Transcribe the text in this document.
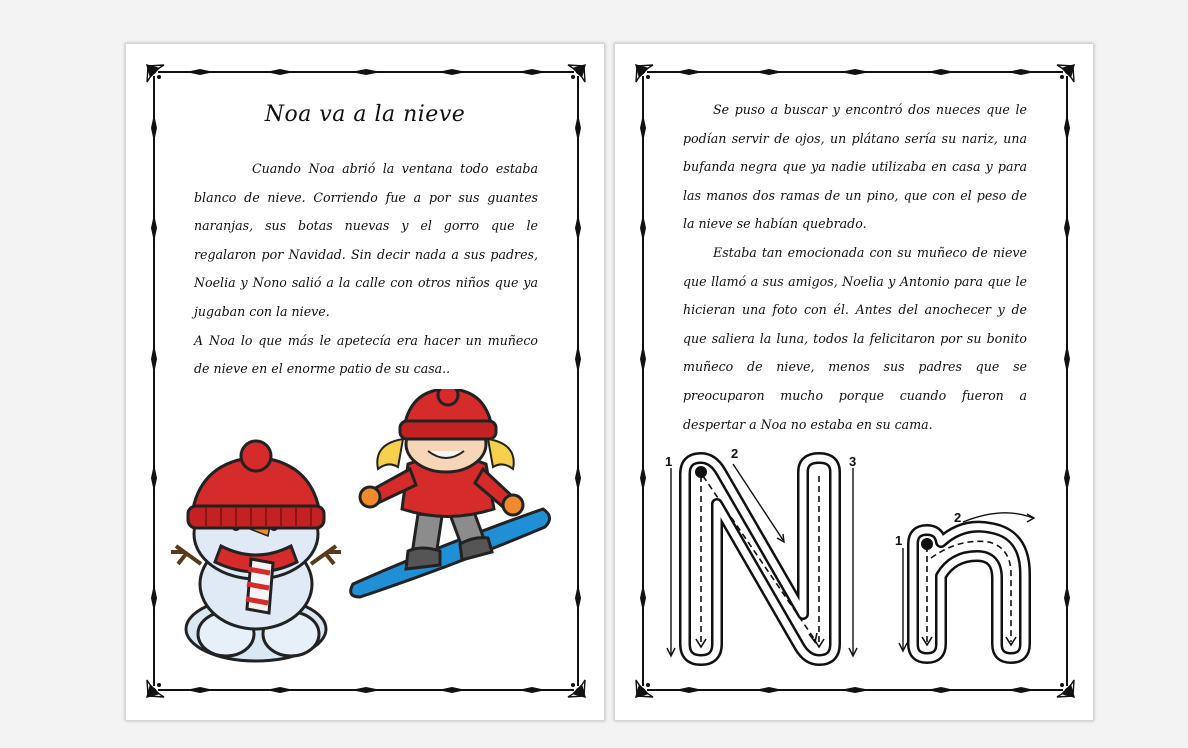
Noa va a la nieve

Cuando Noa abrió la ventana todo estaba blanco de nieve. Corriendo fue a por sus guantes naranjas, sus botas nuevas y el gorro que le regalaron por Navidad. Sin decir nada a sus padres, Noelia y Nono salió a la calle con otros niños que ya jugaban con la nieve.

A Noa lo que más le apetecía era hacer un muñeco de nieve en el enorme patio de su casa..

Se puso a buscar y encontró dos nueces que le podían servir de ojos, un plátano sería su nariz, una bufanda negra que ya nadie utilizaba en casa y para las manos dos ramas de un pino, que con el peso de la nieve se habían quebrado.

Estaba tan emocionada con su muñeco de nieve que llamó a sus amigos, Noelia y Antonio para que le hicieran una foto con él. Antes del anochecer y de que saliera la luna, todos la felicitaron por su bonito muñeco de nieve, menos sus padres que se preocuparon mucho porque cuando fueron a despertar a Noa no estaba en su cama.

1
2
3
1
2
